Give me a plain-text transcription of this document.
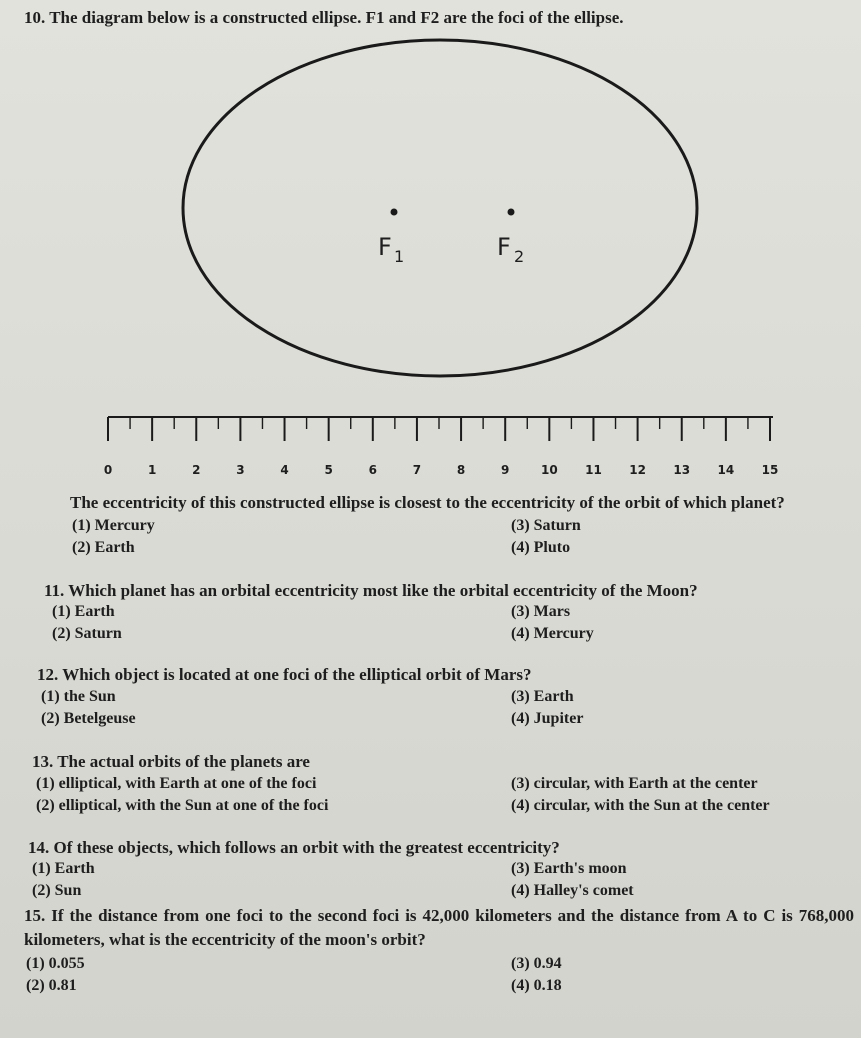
10. The diagram below is a constructed ellipse. F1 and F2 are the foci of the ellipse.
F 1	F 2
0	1	2	3	4	5	6	7	8	9	10 11 12 13 14 15
The eccentricity of this constructed ellipse is closest to the eccentricity of the orbit of which planet?
(1) Mercury
(2) Earth
(3) Saturn
(4) Pluto
11. Which planet has an orbital eccentricity most like the orbital eccentricity of the Moon?
(1) Earth
(2) Saturn
(3) Mars
(4) Mercury
12. Which object is located at one foci of the elliptical orbit of Mars?
(1) the Sun
(2) Betelgeuse
(3) Earth
(4) Jupiter
13. The actual orbits of the planets are
(1) elliptical, with Earth at one of the foci
(2) elliptical, with the Sun at one of the foci
(3) circular, with Earth at the center
(4) circular, with the Sun at the center
14. Of these objects, which follows an orbit with the greatest eccentricity?
(1) Earth
(2) Sun
(3) Earth's moon
(4) Halley's comet
15. If the distance from one foci to the second foci is 42,000 kilometers and the distance from A to C is 768,000 kilometers, what is the eccentricity of the moon's orbit?
(1) 0.055
(2) 0.81
(3) 0.94
(4) 0.18
